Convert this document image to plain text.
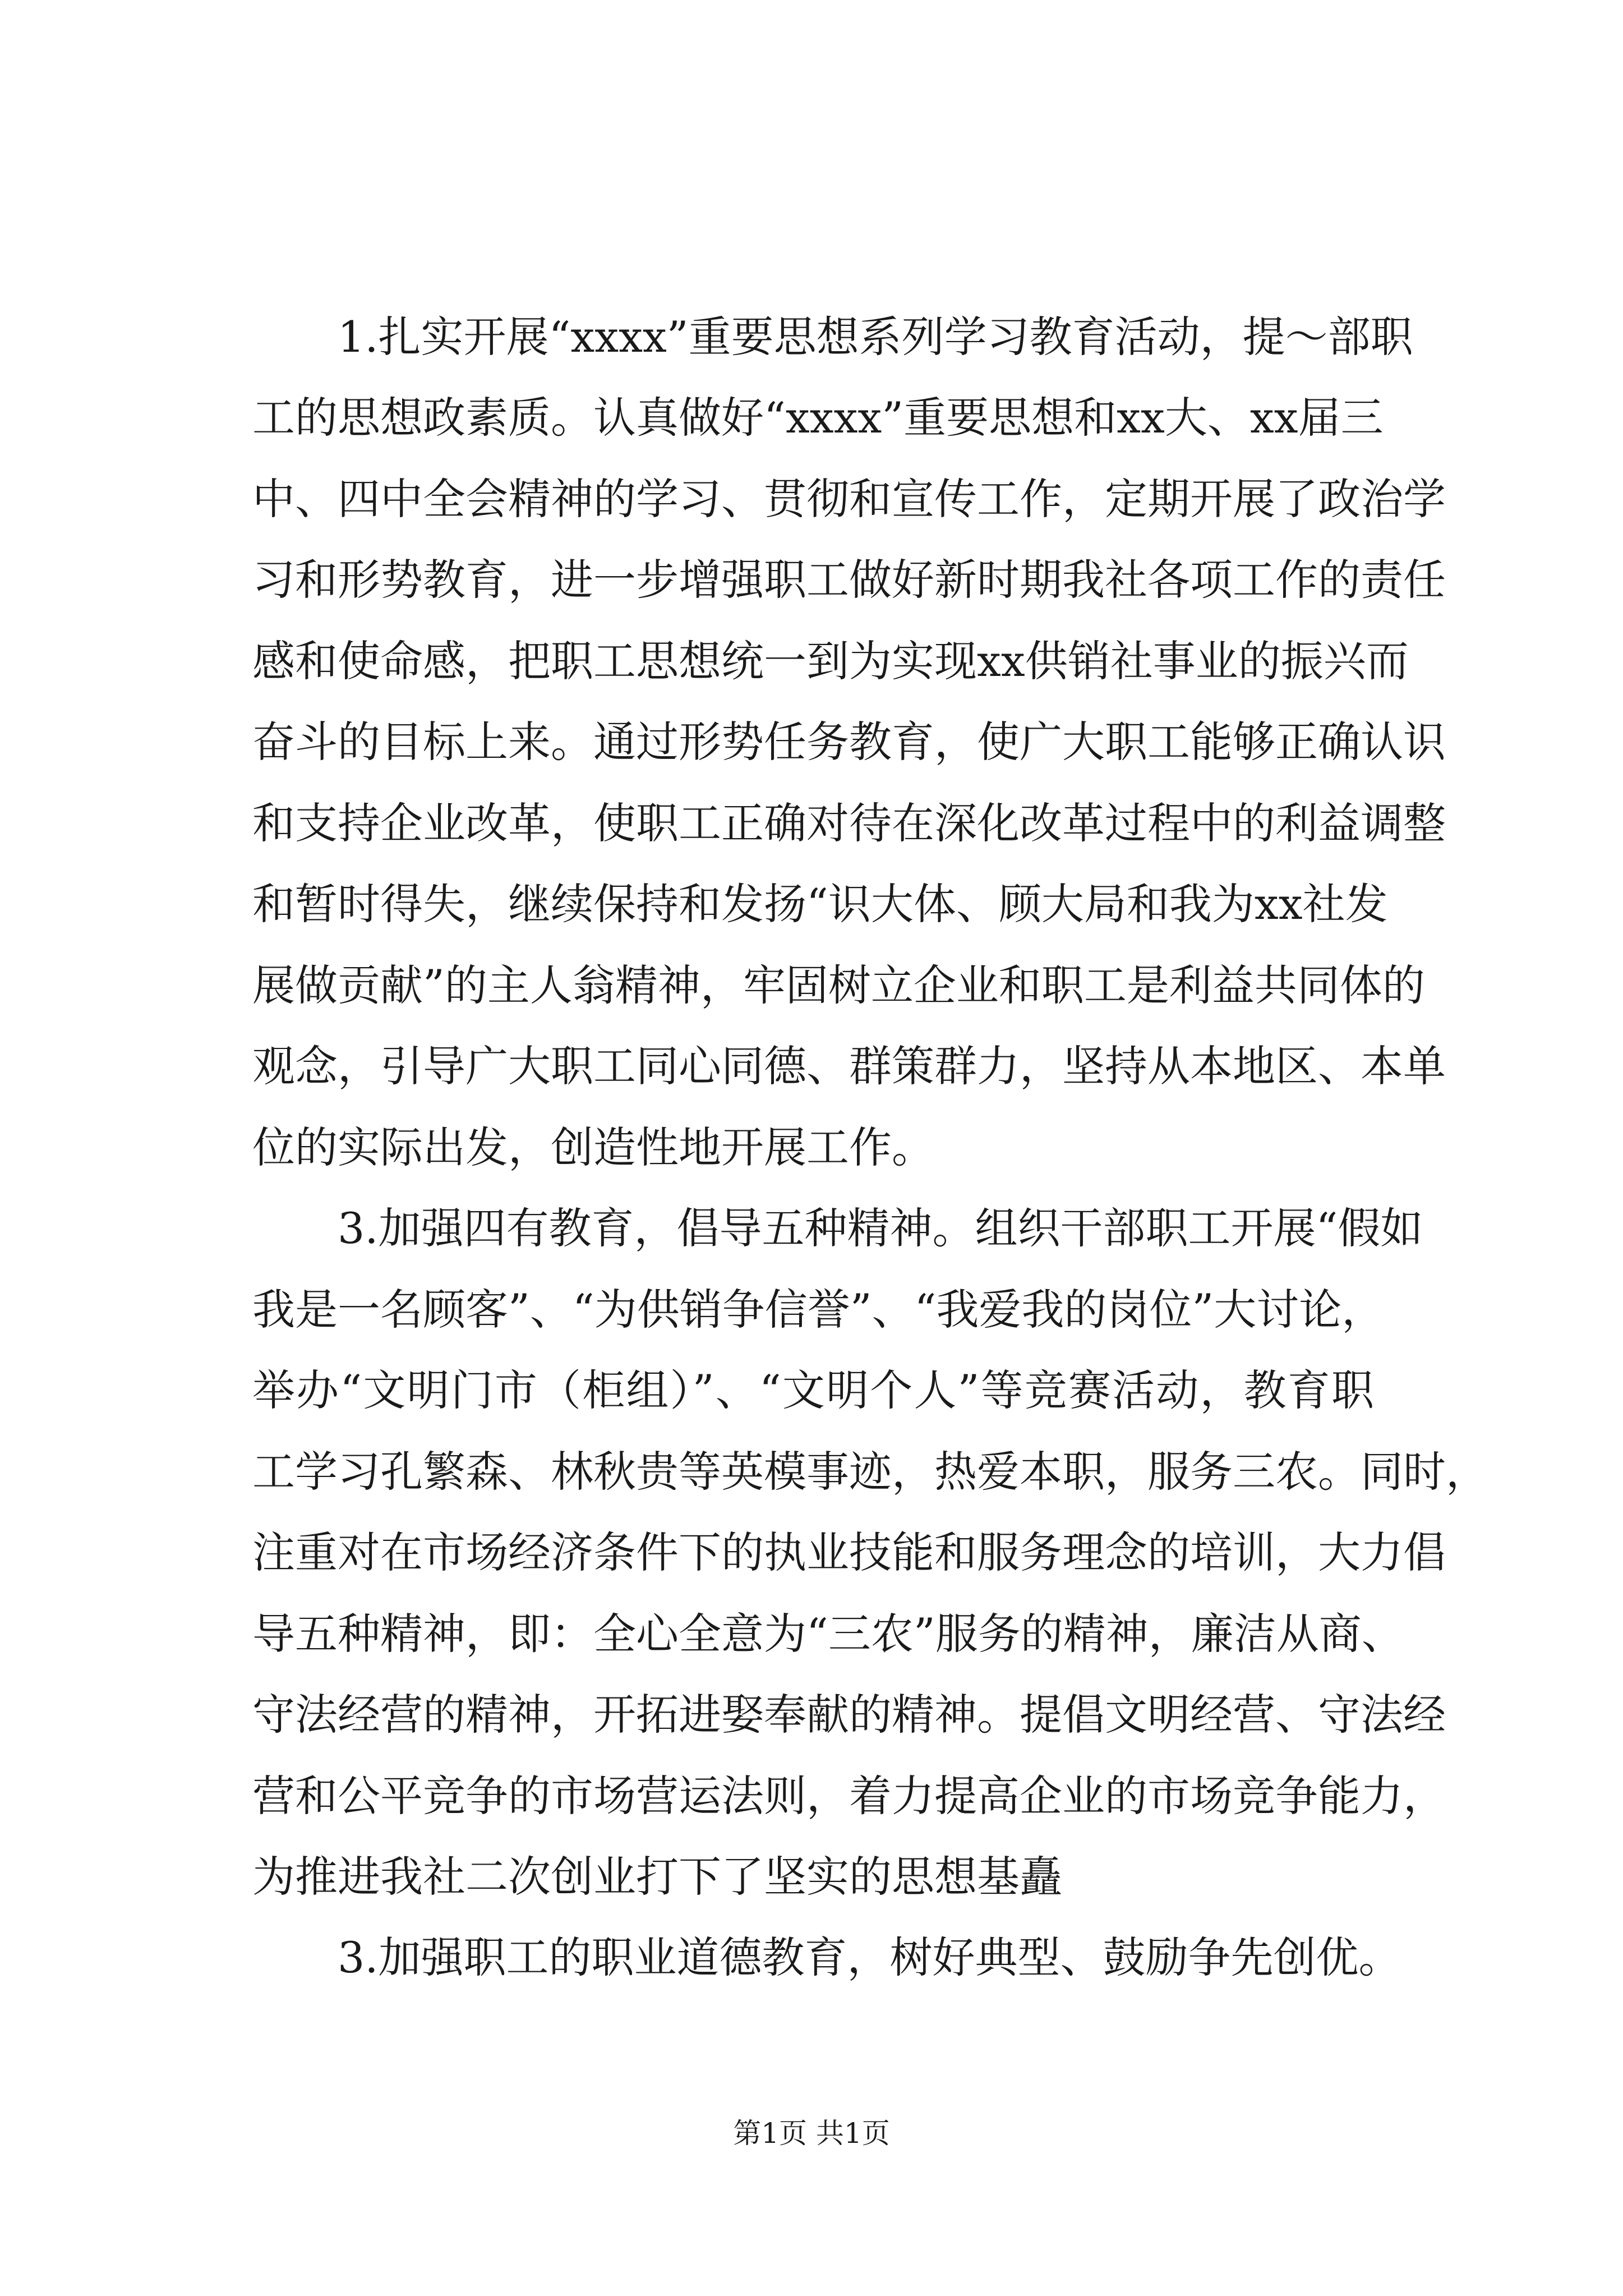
1.扎实开展“xxxx”重要思想系列学习教育活动，提～部职
工的思想政素质。认真做好“xxxx”重要思想和xx大、xx届三
中、四中全会精神的学习、贯彻和宣传工作，定期开展了政治学
习和形势教育，进一步增强职工做好新时期我社各项工作的责任
感和使命感，把职工思想统一到为实现xx供销社事业的振兴而
奋斗的目标上来。通过形势任务教育，使广大职工能够正确认识
和支持企业改革，使职工正确对待在深化改革过程中的利益调整
和暂时得失，继续保持和发扬“识大体、顾大局和我为xx社发
展做贡献”的主人翁精神，牢固树立企业和职工是利益共同体的
观念，引导广大职工同心同德、群策群力，坚持从本地区、本单
位的实际出发，创造性地开展工作。
3.加强四有教育，倡导五种精神。组织干部职工开展“假如
我是一名顾客”、“为供销争信誉”、“我爱我的岗位”大讨论，
举办“文明门市（柜组）”、“文明个人”等竞赛活动，教育职
工学习孔繁森、林秋贵等英模事迹，热爱本职，服务三农。同时，
注重对在市场经济条件下的执业技能和服务理念的培训，大力倡
导五种精神，即：全心全意为“三农”服务的精神，廉洁从商、
守法经营的精神，开拓进娶奉献的精神。提倡文明经营、守法经
营和公平竞争的市场营运法则，着力提高企业的市场竞争能力，
为推进我社二次创业打下了坚实的思想基矗
3.加强职工的职业道德教育，树好典型、鼓励争先创优。
第1页 共1页
